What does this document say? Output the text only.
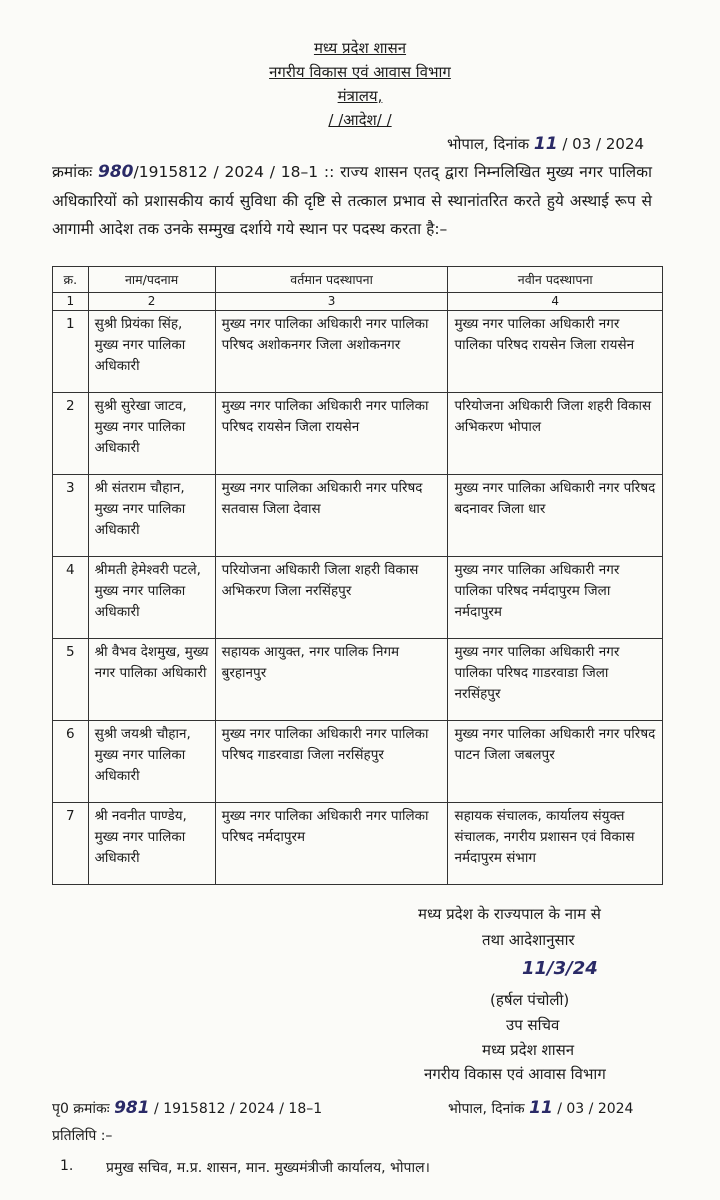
मध्य प्रदेश शासन
नगरीय विकास एवं आवास विभाग
मंत्रालय,
/ /आदेश/ /
भोपाल, दिनांक 11 / 03 / 2024
क्रमांकः 980/1915812 / 2024 / 18–1 :: राज्य शासन एतद् द्वारा निम्नलिखित मुख्य नगर पालिका अधिकारियों को प्रशासकीय कार्य सुविधा की दृष्टि से तत्काल प्रभाव से स्थानांतरित करते हुये अस्थाई रूप से आगामी आदेश तक उनके सम्मुख दर्शाये गये स्थान पर पदस्थ करता है:–
क्र.	नाम/पदनाम	वर्तमान पदस्थापना	नवीन पदस्थापना
1	2	3	4
1	सुश्री प्रियंका सिंह, मुख्य नगर पालिका अधिकारी	मुख्य नगर पालिका अधिकारी नगर पालिका परिषद अशोकनगर जिला अशोकनगर	मुख्य नगर पालिका अधिकारी नगर पालिका परिषद रायसेन जिला रायसेन
2	सुश्री सुरेखा जाटव, मुख्य नगर पालिका अधिकारी	मुख्य नगर पालिका अधिकारी नगर पालिका परिषद रायसेन जिला रायसेन	परियोजना अधिकारी जिला शहरी विकास अभिकरण भोपाल
3	श्री संतराम चौहान, मुख्य नगर पालिका अधिकारी	मुख्य नगर पालिका अधिकारी नगर परिषद सतवास जिला देवास	मुख्य नगर पालिका अधिकारी नगर परिषद बदनावर जिला धार
4	श्रीमती हेमेश्वरी पटले, मुख्य नगर पालिका अधिकारी	परियोजना अधिकारी जिला शहरी विकास अभिकरण जिला नरसिंहपुर	मुख्य नगर पालिका अधिकारी नगर पालिका परिषद नर्मदापुरम जिला नर्मदापुरम
5	श्री वैभव देशमुख, मुख्य नगर पालिका अधिकारी	सहायक आयुक्त, नगर पालिक निगम बुरहानपुर	मुख्य नगर पालिका अधिकारी नगर पालिका परिषद गाडरवाडा जिला नरसिंहपुर
6	सुश्री जयश्री चौहान, मुख्य नगर पालिका अधिकारी	मुख्य नगर पालिका अधिकारी नगर पालिका परिषद गाडरवाडा जिला नरसिंहपुर	मुख्य नगर पालिका अधिकारी नगर परिषद पाटन जिला जबलपुर
7	श्री नवनीत पाण्डेय, मुख्य नगर पालिका अधिकारी	मुख्य नगर पालिका अधिकारी नगर पालिका परिषद नर्मदापुरम	सहायक संचालक, कार्यालय संयुक्त संचालक, नगरीय प्रशासन एवं विकास नर्मदापुरम संभाग
मध्य प्रदेश के राज्यपाल के नाम से
तथा आदेशानुसार
11/3/24
(हर्षल पंचोली)
उप सचिव
मध्य प्रदेश शासन
नगरीय विकास एवं आवास विभाग
पृ0 क्रमांकः 981 / 1915812 / 2024 / 18–1	भोपाल, दिनांक 11 / 03 / 2024
प्रतिलिपि :–
1. प्रमुख सचिव, म.प्र. शासन, मान. मुख्यमंत्रीजी कार्यालय, भोपाल।
